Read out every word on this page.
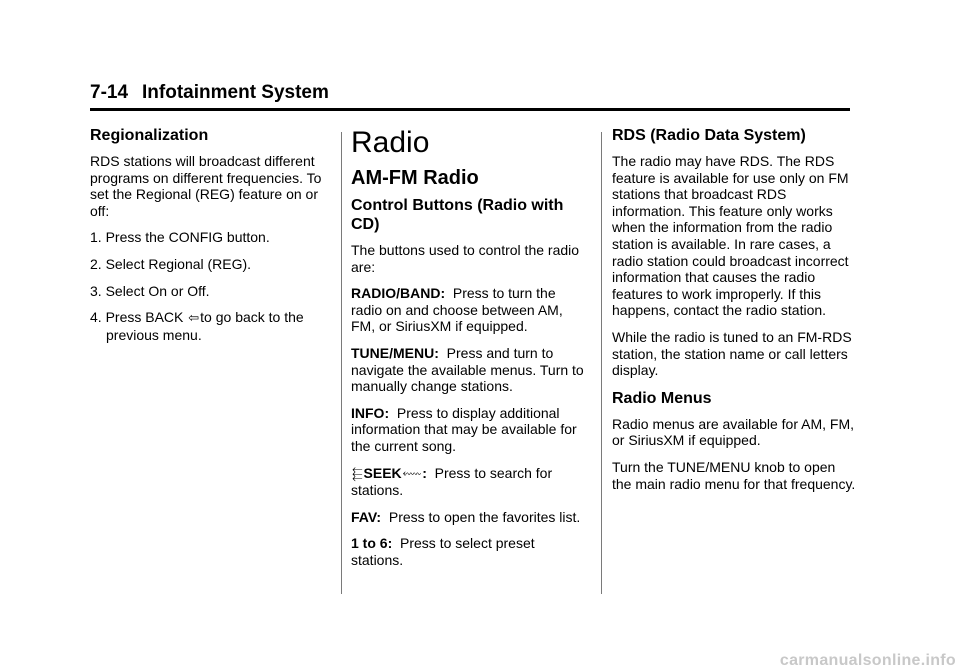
7-14 Infotainment System
Regionalization

RDS stations will broadcast different programs on different frequencies. To set the Regional (REG) feature on or off:

1. Press the CONFIG button.
2. Select Regional (REG).
3. Select On or Off.
4. Press BACK ⇦to go back to the previous menu.
Radio
AM-FM Radio
Control Buttons (Radio with CD)

The buttons used to control the radio are:

RADIO/BAND: Press to turn the radio on and choose between AM, FM, or SiriusXM if equipped.

TUNE/MENU: Press and turn to navigate the available menus. Turn to manually change stations.

INFO: Press to display additional information that may be available for the current song.

⬱SEEK⬳: Press to search for stations.

FAV: Press to open the favorites list.

1 to 6: Press to select preset stations.

RDS (Radio Data System)

The radio may have RDS. The RDS feature is available for use only on FM stations that broadcast RDS information. This feature only works when the information from the radio station is available. In rare cases, a radio station could broadcast incorrect information that causes the radio features to work improperly. If this happens, contact the radio station.

While the radio is tuned to an FM-RDS station, the station name or call letters display.

Radio Menus

Radio menus are available for AM, FM, or SiriusXM if equipped.

Turn the TUNE/MENU knob to open the main radio menu for that frequency.

carmanualsonline.info
